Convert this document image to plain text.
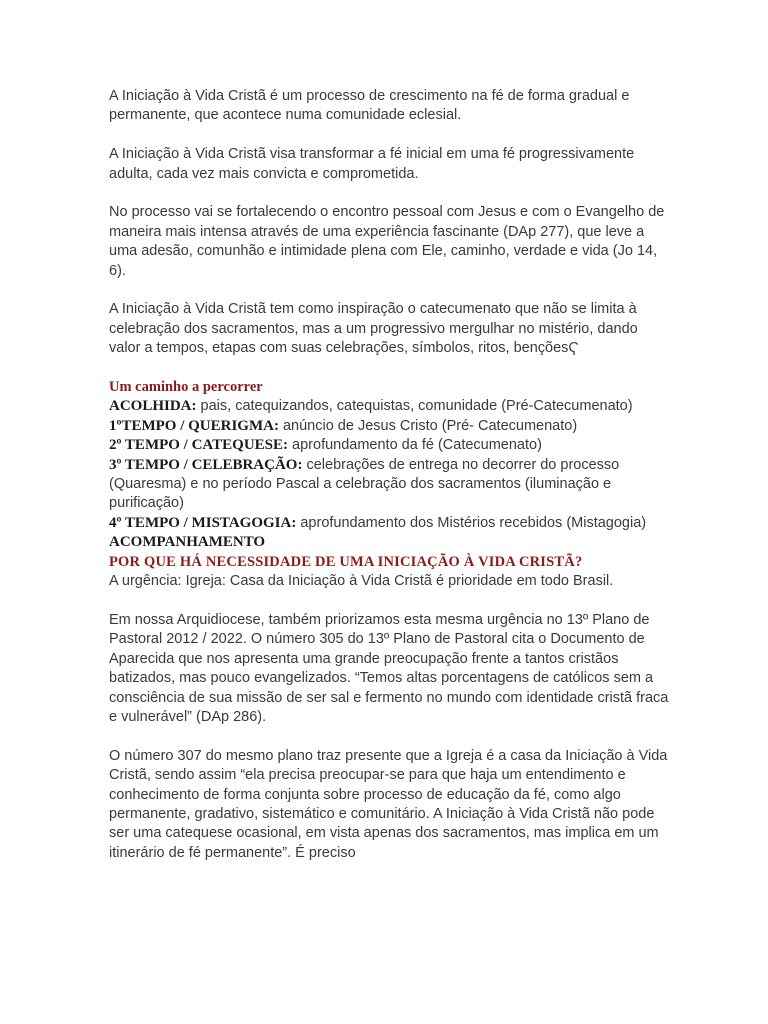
A Iniciação à Vida Cristã é um processo de crescimento na fé de forma gradual e permanente, que acontece numa comunidade eclesial.

A Iniciação à Vida Cristã visa transformar a fé inicial em uma fé progressivamente adulta, cada vez mais convicta e comprometida.

No processo vai se fortalecendo o encontro pessoal com Jesus e com o Evangelho de maneira mais intensa através de uma experiência fascinante (DAp 277), que leve a uma adesão, comunhão e intimidade plena com Ele, caminho, verdade e vida (Jo 14, 6).

A Iniciação à Vida Cristã tem como inspiração o catecumenato que não se limita à celebração dos sacramentos, mas a um progressivo mergulhar no mistério, dando valor a tempos, etapas com suas celebrações, símbolos, ritos, bençõesҀ

Um caminho a percorrer

ACOLHIDA: pais, catequizandos, catequistas, comunidade (Pré-Catecumenato)

1ºTEMPO / QUERIGMA: anúncio de Jesus Cristo (Pré- Catecumenato)

2º TEMPO / CATEQUESE: aprofundamento da fé (Catecumenato)

3º TEMPO / CELEBRAÇÃO: celebrações de entrega no decorrer do processo (Quaresma) e no período Pascal a celebração dos sacramentos (iluminação e purificação)

4º TEMPO / MISTAGOGIA: aprofundamento dos Mistérios recebidos (Mistagogia)

ACOMPANHAMENTO

POR QUE HÁ NECESSIDADE DE UMA INICIAÇÃO À VIDA CRISTÃ?

A urgência: Igreja: Casa da Iniciação à Vida Cristã é prioridade em todo Brasil.

Em nossa Arquidiocese, também priorizamos esta mesma urgência no 13º Plano de Pastoral 2012 / 2022. O número 305 do 13º Plano de Pastoral cita o Documento de Aparecida que nos apresenta uma grande preocupação frente a tantos cristãos batizados, mas pouco evangelizados. “Temos altas porcentagens de católicos sem a consciência de sua missão de ser sal e fermento no mundo com identidade cristã fraca e vulnerável” (DAp 286).

O número 307 do mesmo plano traz presente que a Igreja é a casa da Iniciação à Vida Cristã, sendo assim “ela precisa preocupar-se para que haja um entendimento e conhecimento de forma conjunta sobre processo de educação da fé, como algo permanente, gradativo, sistemático e comunitário. A Iniciação à Vida Cristã não pode ser uma catequese ocasional, em vista apenas dos sacramentos, mas implica em um itinerário de fé permanente”. É preciso
